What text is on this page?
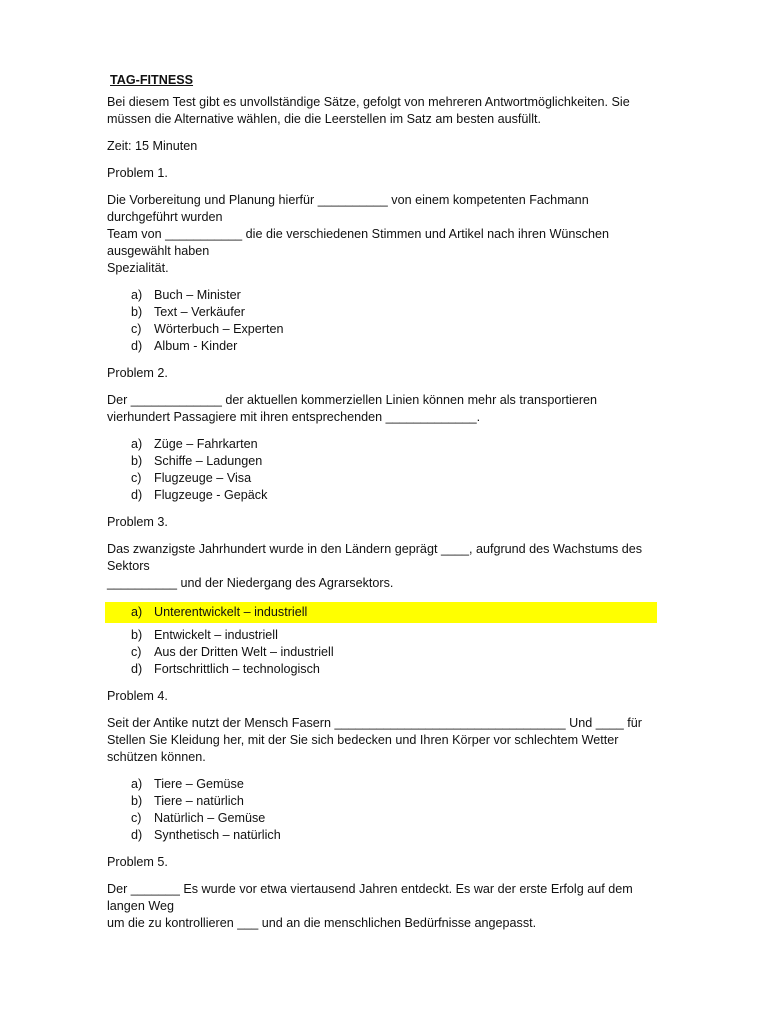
TAG-FITNESS

Bei diesem Test gibt es unvollständige Sätze, gefolgt von mehreren Antwortmöglichkeiten. Sie müssen die Alternative wählen, die die Leerstellen im Satz am besten ausfüllt.

Zeit: 15 Minuten

Problem 1.

Die Vorbereitung und Planung hierfür __________ von einem kompetenten Fachmann
durchgeführt wurden
Team von ___________ die die verschiedenen Stimmen und Artikel nach ihren Wünschen
ausgewählt haben
Spezialität.

a) Buch – Minister
b) Text – Verkäufer
c) Wörterbuch – Experten
d) Album - Kinder

Problem 2.

Der _____________ der aktuellen kommerziellen Linien können mehr als transportieren
vierhundert Passagiere mit ihren entsprechenden _____________.

a) Züge – Fahrkarten
b) Schiffe – Ladungen
c) Flugzeuge – Visa
d) Flugzeuge - Gepäck

Problem 3.

Das zwanzigste Jahrhundert wurde in den Ländern geprägt ____, aufgrund des Wachstums des
Sektors
__________ und der Niedergang des Agrarsektors.

a) Unterentwickelt – industriell
b) Entwickelt – industriell
c) Aus der Dritten Welt – industriell
d) Fortschrittlich – technologisch

Problem 4.

Seit der Antike nutzt der Mensch Fasern _________________________________ Und ____ für
Stellen Sie Kleidung her, mit der Sie sich bedecken und Ihren Körper vor schlechtem Wetter
schützen können.

a) Tiere – Gemüse
b) Tiere – natürlich
c) Natürlich – Gemüse
d) Synthetisch – natürlich

Problem 5.

Der _______ Es wurde vor etwa viertausend Jahren entdeckt. Es war der erste Erfolg auf dem
langen Weg
um die zu kontrollieren ___ und an die menschlichen Bedürfnisse angepasst.
